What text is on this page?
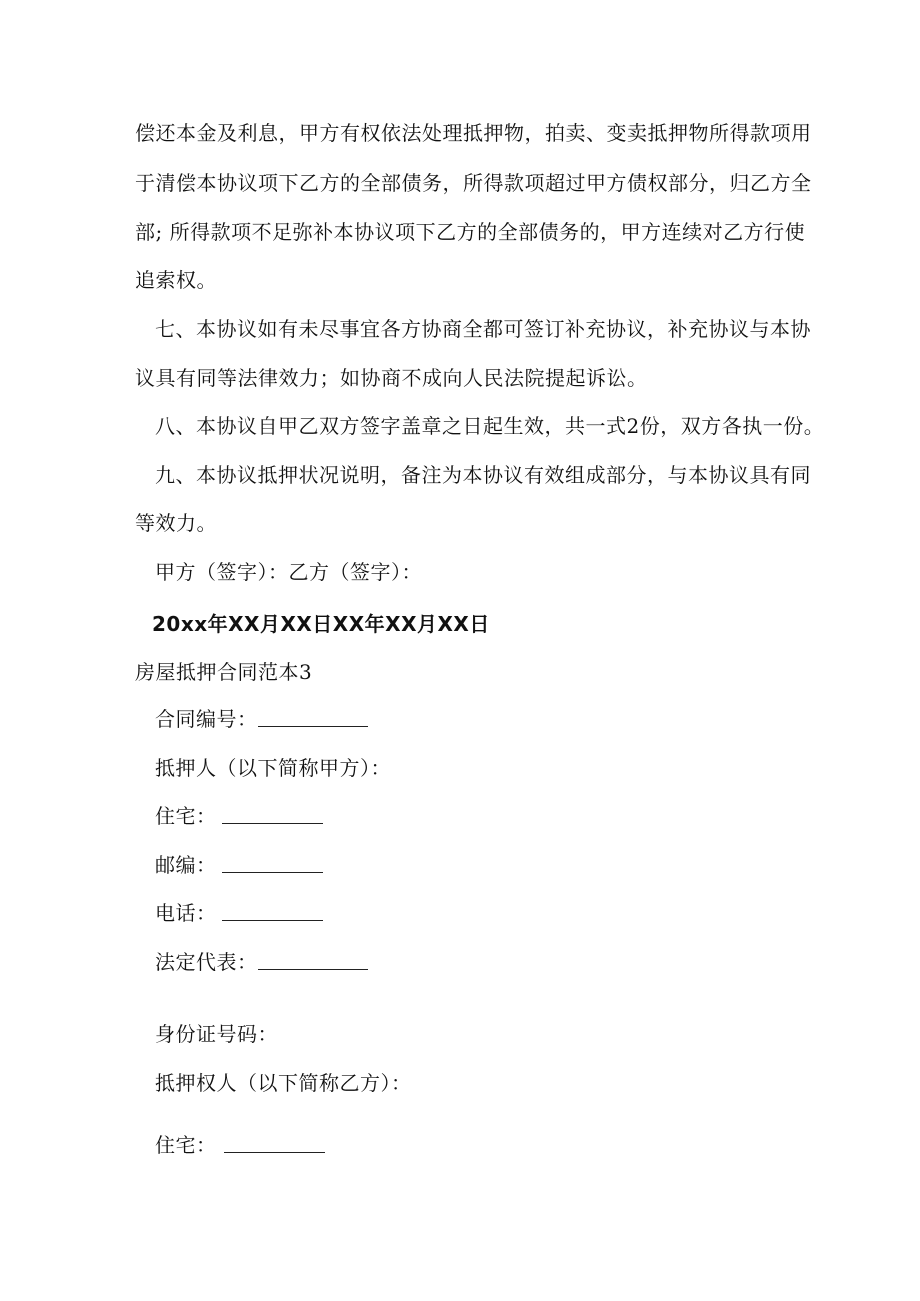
偿还本金及利息，甲方有权依法处理抵押物，拍卖、变卖抵押物所得款项用
于清偿本协议项下乙方的全部债务，所得款项超过甲方债权部分，归乙方全
部; 所得款项不足弥补本协议项下乙方的全部债务的，甲方连续对乙方行使
追索权。
七、本协议如有未尽事宜各方协商全都可签订补充协议，补充协议与本协
议具有同等法律效力；如协商不成向人民法院提起诉讼。
八、本协议自甲乙双方签字盖章之日起生效，共一式2份，双方各执一份。
九、本协议抵押状况说明，备注为本协议有效组成部分，与本协议具有同
等效力。
甲方（签字）：乙方（签字）：
20xx年XX月XX日XX年XX月XX日
房屋抵押合同范本3
合同编号：
抵押人（以下简称甲方）：
住宅：
邮编：
电话：
法定代表：
身份证号码：
抵押权人（以下简称乙方）：
住宅：
